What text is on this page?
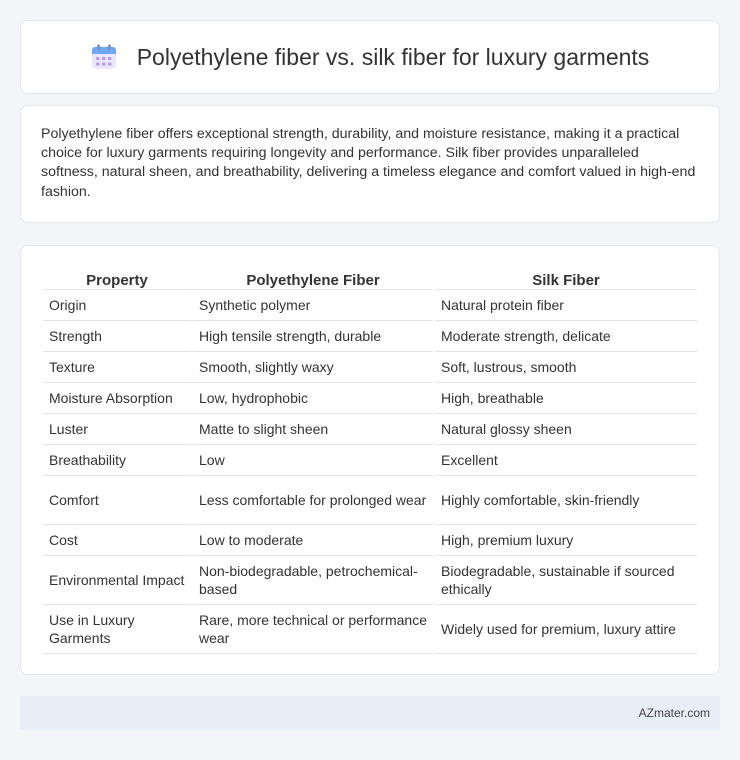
Polyethylene fiber vs. silk fiber for luxury garments

Polyethylene fiber offers exceptional strength, durability, and moisture resistance, making it a practical choice for luxury garments requiring longevity and performance. Silk fiber provides unparalleled softness, natural sheen, and breathability, delivering a timeless elegance and comfort valued in high-end fashion.

Property	Polyethylene Fiber	Silk Fiber
Origin	Synthetic polymer	Natural protein fiber
Strength	High tensile strength, durable	Moderate strength, delicate
Texture	Smooth, slightly waxy	Soft, lustrous, smooth
Moisture Absorption	Low, hydrophobic	High, breathable
Luster	Matte to slight sheen	Natural glossy sheen
Breathability	Low	Excellent
Comfort	Less comfortable for prolonged wear	Highly comfortable, skin-friendly
Cost	Low to moderate	High, premium luxury
Environmental Impact	Non-biodegradable, petrochemical-based	Biodegradable, sustainable if sourced ethically
Use in Luxury Garments	Rare, more technical or performance wear	Widely used for premium, luxury attire
AZmater.com
